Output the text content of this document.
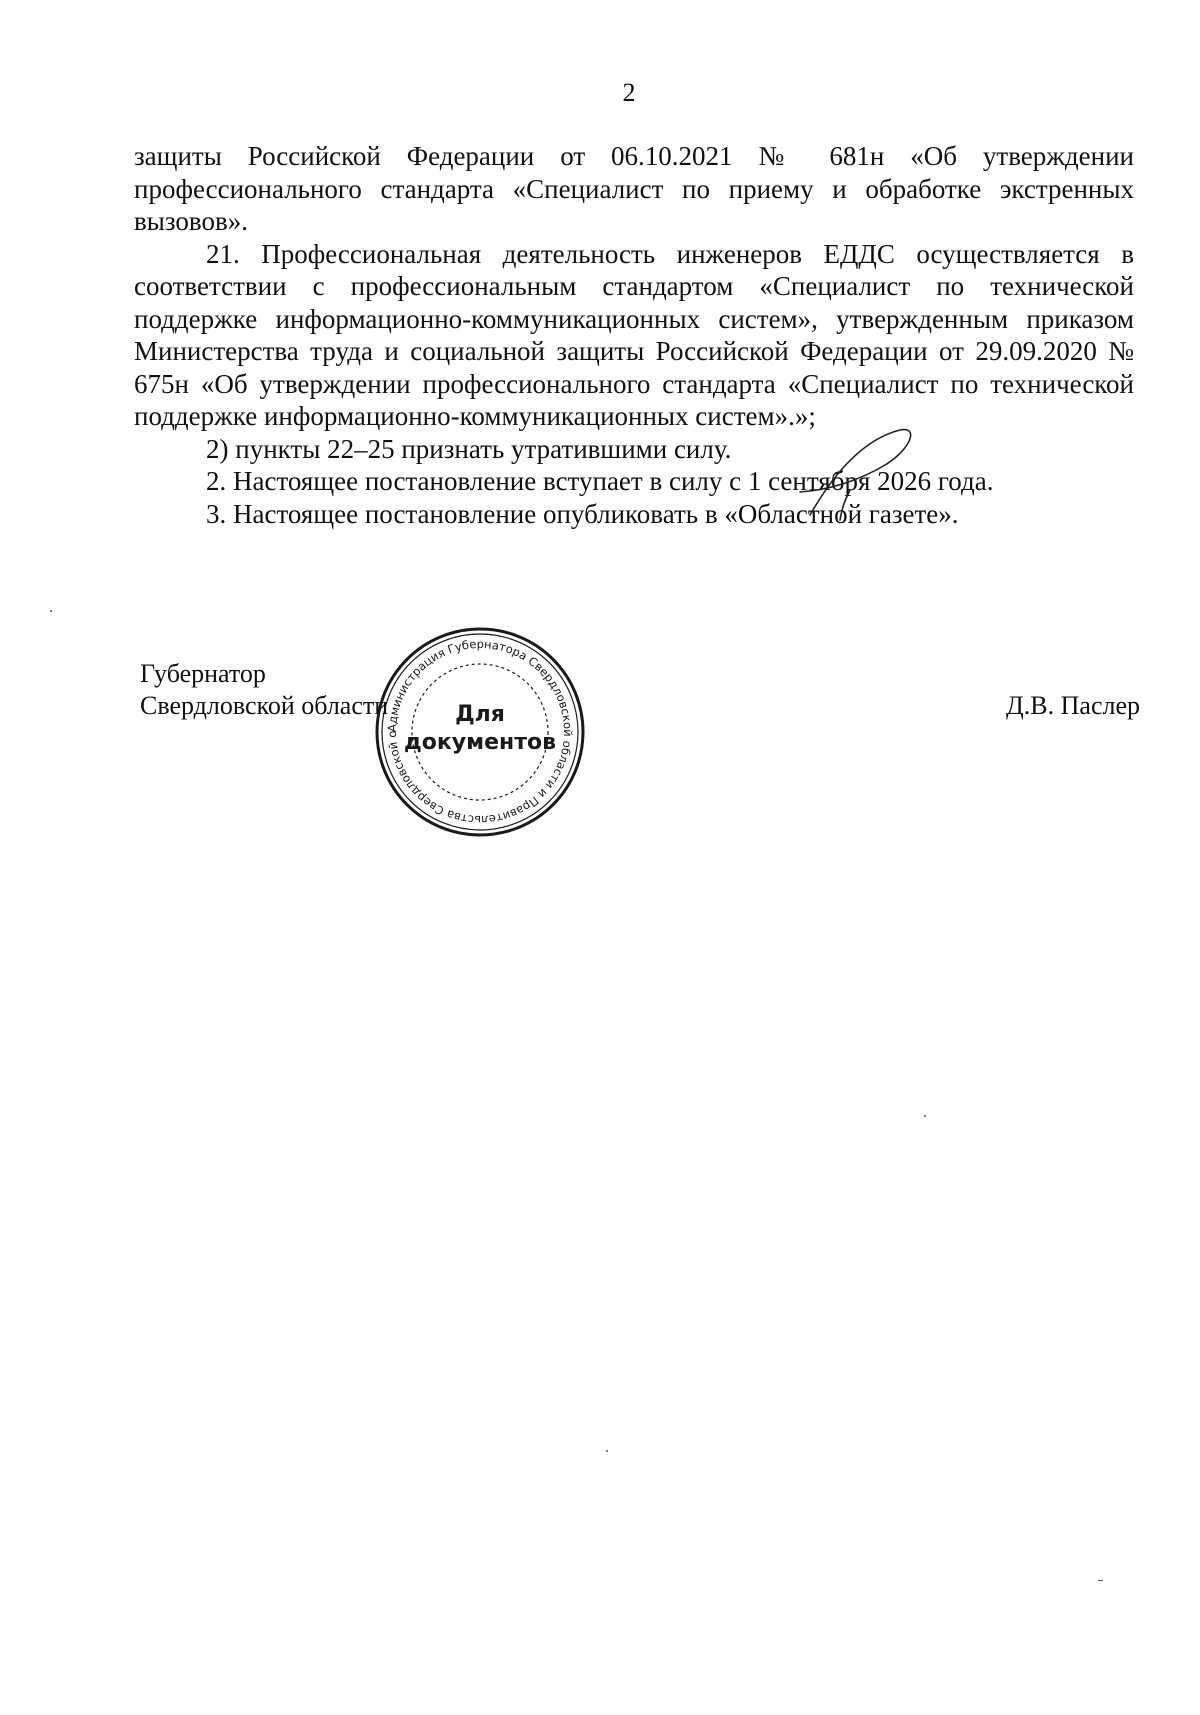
2

защиты Российской Федерации от 06.10.2021 № 681н «Об утверждении профессионального стандарта «Специалист по приему и обработке экстренных вызовов».

21. Профессиональная деятельность инженеров ЕДДС осуществляется в соответствии с профессиональным стандартом «Специалист по технической поддержке информационно-коммуникационных систем», утвержденным приказом Министерства труда и социальной защиты Российской Федерации от 29.09.2020 № 675н «Об утверждении профессионального стандарта «Специалист по технической поддержке информационно-коммуникационных систем».»;

2) пункты 22–25 признать утратившими силу.

2. Настоящее постановление вступает в силу с 1 сентября 2026 года.

3. Настоящее постановление опубликовать в «Областной газете».

Губернатор
Свердловской области	Д.В. Паслер
Администрация Губернатора Свердловской области и Правительства Свердловской о
Для
документов
